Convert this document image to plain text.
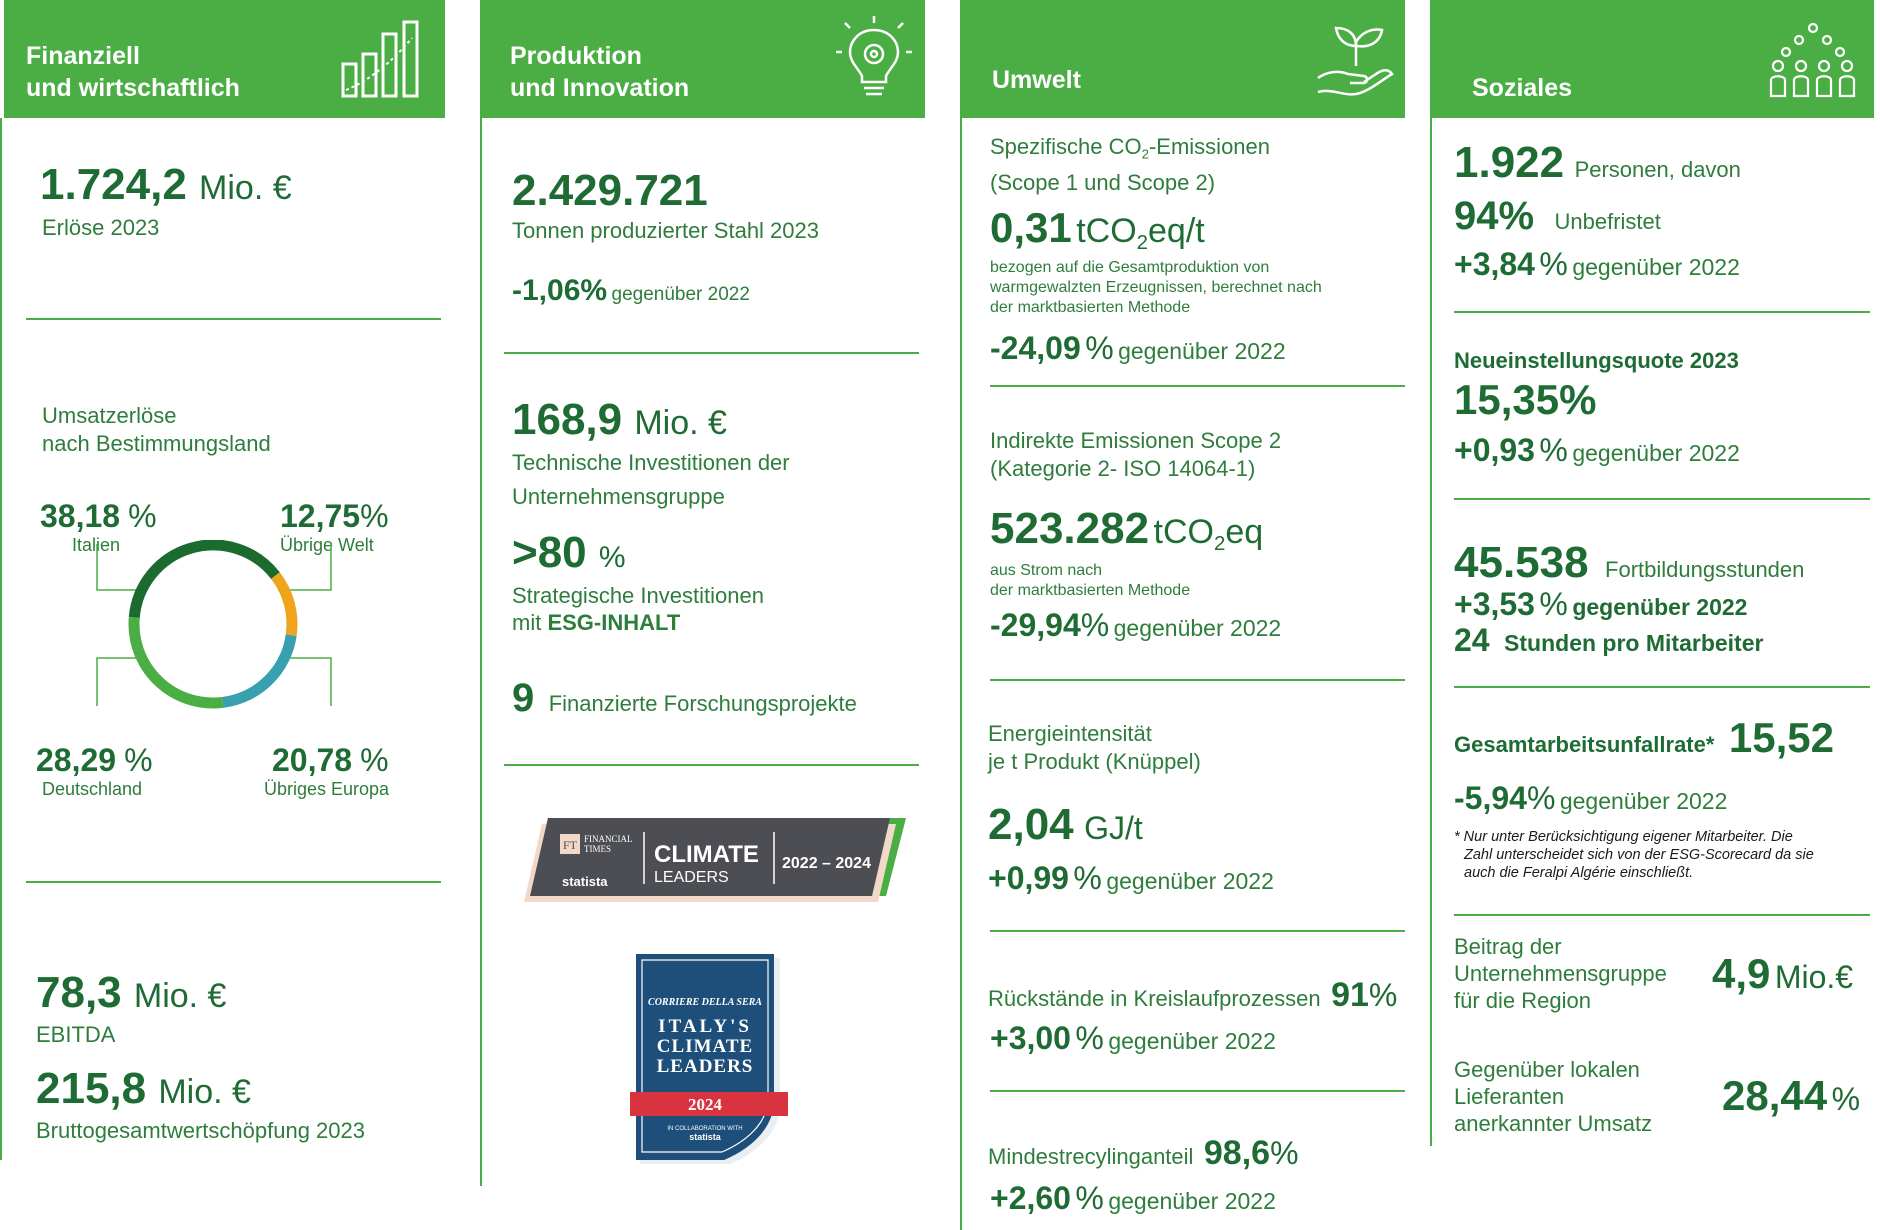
Finanziell
und wirtschaftlich
1.724,2 Mio. €
Erlöse 2023
Umsatzerlöse
nach Bestimmungsland
38,18 %
Italien
12,75%
Übrige Welt
28,29 %
Deutschland
20,78 %
Übriges Europa
78,3 Mio. €
EBITDA
215,8 Mio. €
Bruttogesamtwertschöpfung 2023
Produktion
und Innovation
2.429.721
Tonnen produzierter Stahl 2023
-1,06% gegenüber 2022
168,9 Mio. €
Technische Investitionen der
Unternehmensgruppe
>80 %
Strategische Investitionen
mit ESG-INHALT
9 Finanzierte Forschungsprojekte
FT FINANCIAL
TIMES
statista
CLIMATE
LEADERS
2022 – 2024
CORRIERE DELLA SERA
ITALY'S
CLIMATE
LEADERS
2024
IN COLLABORATION WITH
statista
Umwelt
Spezifische $CO_2$-Emissionen
(Scope 1 und Scope 2)
0,31 tCO$_2$eq/t
bezogen auf die Gesamtproduktion von
warmgewalzten Erzeugnissen, berechnet nach
der marktbasierten Methode
-24,09 % gegenüber 2022
Indirekte Emissionen Scope 2
(Kategorie 2- ISO 14064-1)
523.282 tCO$_2$eq
aus Strom nach
der marktbasierten Methode
-29,94% gegenüber 2022
Energieintensität
je t Produkt (Knüppel)
2,04 GJ/t
+0,99 % gegenüber 2022
Rückstände in Kreislaufprozessen 91%
+3,00 % gegenüber 2022
Mindestrecylinganteil 98,6%
+2,60 % gegenüber 2022
Soziales
1.922 Personen, davon
94% Unbefristet
+3,84 % gegenüber 2022
Neueinstellungsquote 2023
15,35%
+0,93 % gegenüber 2022
45.538 Fortbildungsstunden
+3,53 % gegenüber 2022
24 Stunden pro Mitarbeiter
Gesamtarbeitsunfallrate* 15,52
-5,94% gegenüber 2022
* Nur unter Berücksichtigung eigener Mitarbeiter. Die
Zahl unterscheidet sich von der ESG-Scorecard da sie
auch die Feralpi Algérie einschließt.
Beitrag der
Unternehmensgruppe
für die Region
4,9 Mio.€
Gegenüber lokalen
Lieferanten
anerkannter Umsatz
28,44 %
